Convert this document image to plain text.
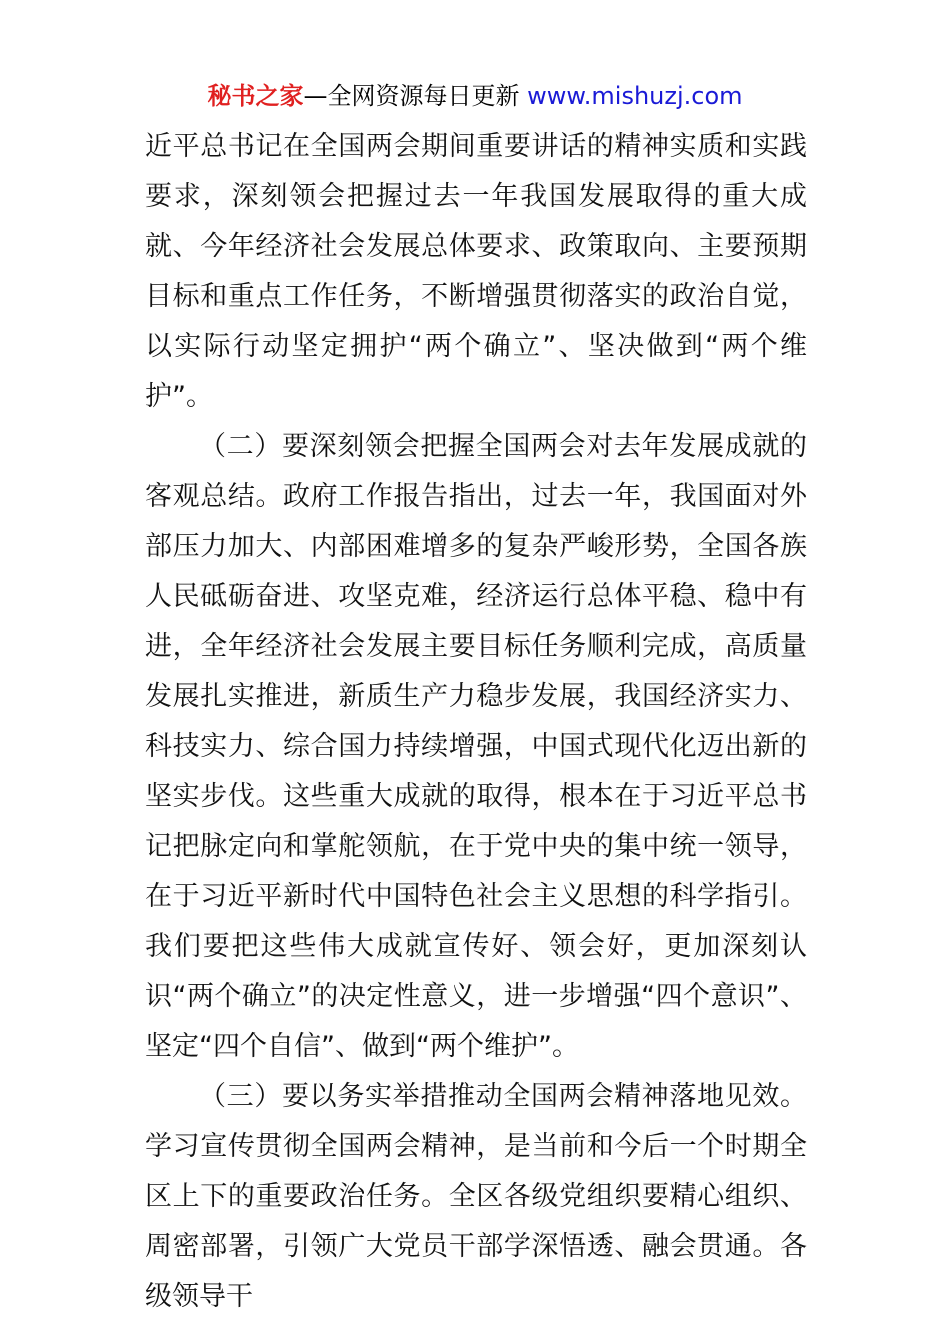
秘书之家—全网资源每日更新 www.mishuzj.com

近平总书记在全国两会期间重要讲话的精神实质和实践要求，深刻领会把握过去一年我国发展取得的重大成就、今年经济社会发展总体要求、政策取向、主要预期目标和重点工作任务，不断增强贯彻落实的政治自觉，以实际行动坚定拥护“两个确立”、坚决做到“两个维护”。

（二）要深刻领会把握全国两会对去年发展成就的客观总结。政府工作报告指出，过去一年，我国面对外部压力加大、内部困难增多的复杂严峻形势，全国各族人民砥砺奋进、攻坚克难，经济运行总体平稳、稳中有进，全年经济社会发展主要目标任务顺利完成，高质量发展扎实推进，新质生产力稳步发展，我国经济实力、科技实力、综合国力持续增强，中国式现代化迈出新的坚实步伐。这些重大成就的取得，根本在于习近平总书记把脉定向和掌舵领航，在于党中央的集中统一领导，在于习近平新时代中国特色社会主义思想的科学指引。我们要把这些伟大成就宣传好、领会好，更加深刻认识“两个确立”的决定性意义，进一步增强“四个意识”、坚定“四个自信”、做到“两个维护”。

（三）要以务实举措推动全国两会精神落地见效。学习宣传贯彻全国两会精神，是当前和今后一个时期全区上下的重要政治任务。全区各级党组织要精心组织、周密部署，引领广大党员干部学深悟透、融会贯通。各级领导干
